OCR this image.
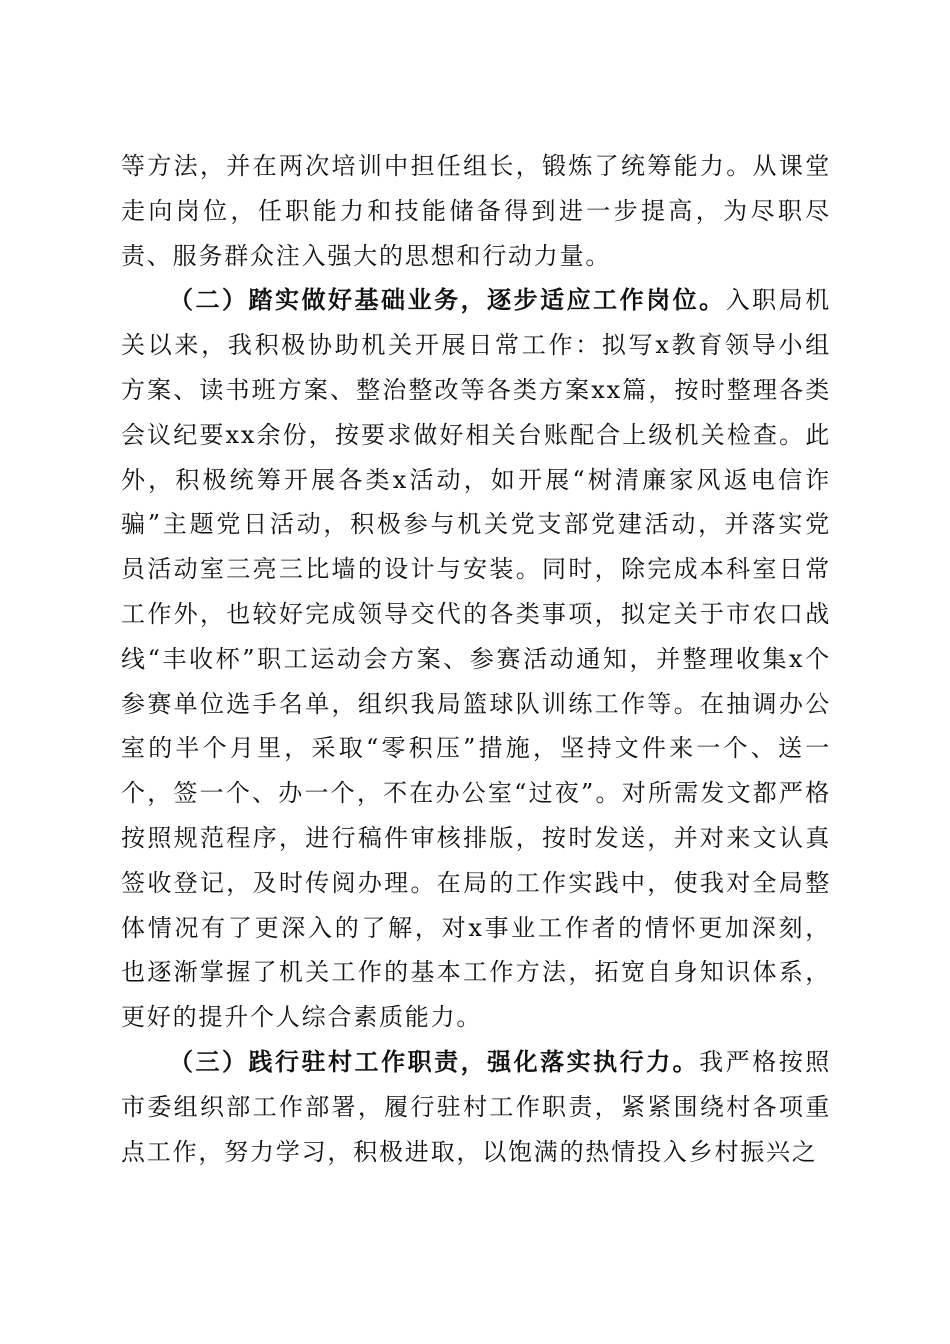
等方法，并在两次培训中担任组长，锻炼了统筹能力。从课堂走向岗位，任职能力和技能储备得到进一步提高，为尽职尽责、服务群众注入强大的思想和行动力量。

（二）踏实做好基础业务，逐步适应工作岗位。入职局机关以来，我积极协助机关开展日常工作：拟写x教育领导小组方案、读书班方案、整治整改等各类方案xx篇，按时整理各类会议纪要xx余份，按要求做好相关台账配合上级机关检查。此外，积极统筹开展各类x活动，如开展“树清廉家风返电信诈骗”主题党日活动，积极参与机关党支部党建活动，并落实党员活动室三亮三比墙的设计与安装。同时，除完成本科室日常工作外，也较好完成领导交代的各类事项，拟定关于市农口战线“丰收杯”职工运动会方案、参赛活动通知，并整理收集x个参赛单位选手名单，组织我局篮球队训练工作等。在抽调办公室的半个月里，采取“零积压”措施，坚持文件来一个、送一个，签一个、办一个，不在办公室“过夜”。对所需发文都严格按照规范程序，进行稿件审核排版，按时发送，并对来文认真签收登记，及时传阅办理。在局的工作实践中，使我对全局整体情况有了更深入的了解，对x事业工作者的情怀更加深刻，也逐渐掌握了机关工作的基本工作方法，拓宽自身知识体系，更好的提升个人综合素质能力。

（三）践行驻村工作职责，强化落实执行力。我严格按照市委组织部工作部署，履行驻村工作职责，紧紧围绕村各项重点工作，努力学习，积极进取，以饱满的热情投入乡村振兴之
